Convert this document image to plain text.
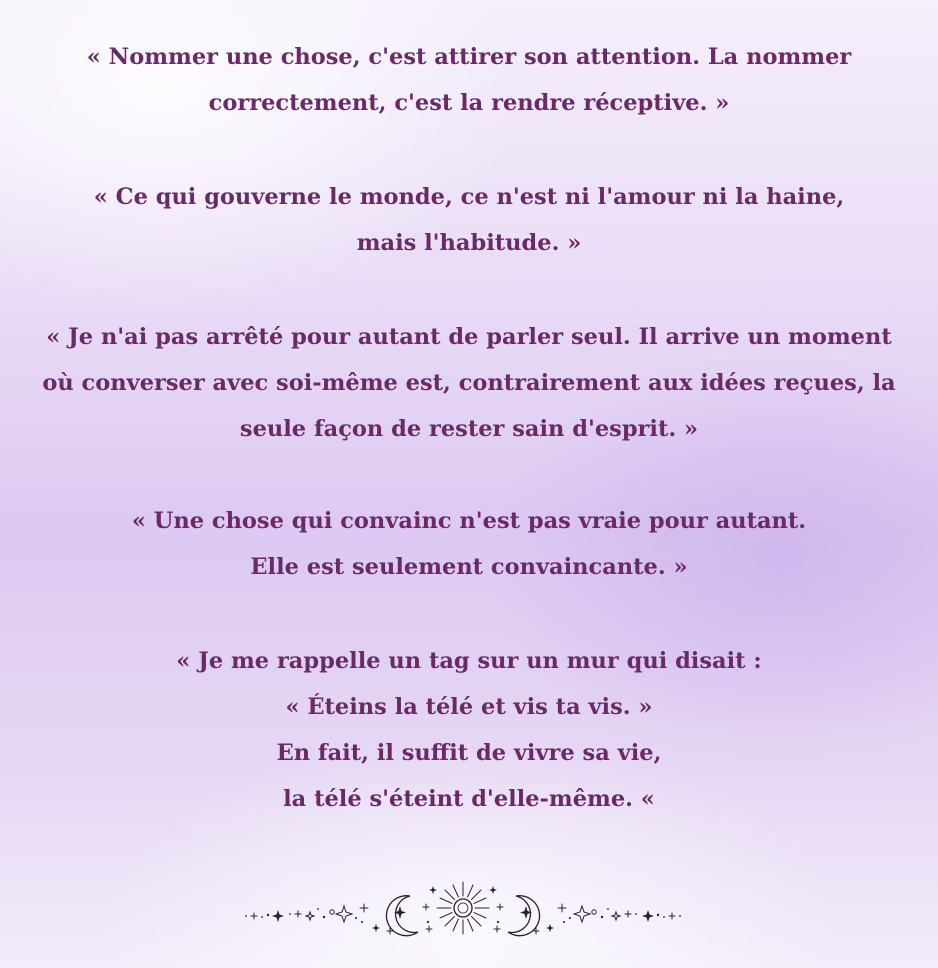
« Nommer une chose, c'est attirer son attention. La nommer
correctement, c'est la rendre réceptive. »

« Ce qui gouverne le monde, ce n'est ni l'amour ni la haine,
mais l'habitude. »

« Je n'ai pas arrêté pour autant de parler seul. Il arrive un moment
où converser avec soi-même est, contrairement aux idées reçues, la
seule façon de rester sain d'esprit. »

« Une chose qui convainc n'est pas vraie pour autant.
Elle est seulement convaincante. »

« Je me rappelle un tag sur un mur qui disait :
« Éteins la télé et vis ta vis. »
En fait, il suffit de vivre sa vie,
la télé s'éteint d'elle-même. «
